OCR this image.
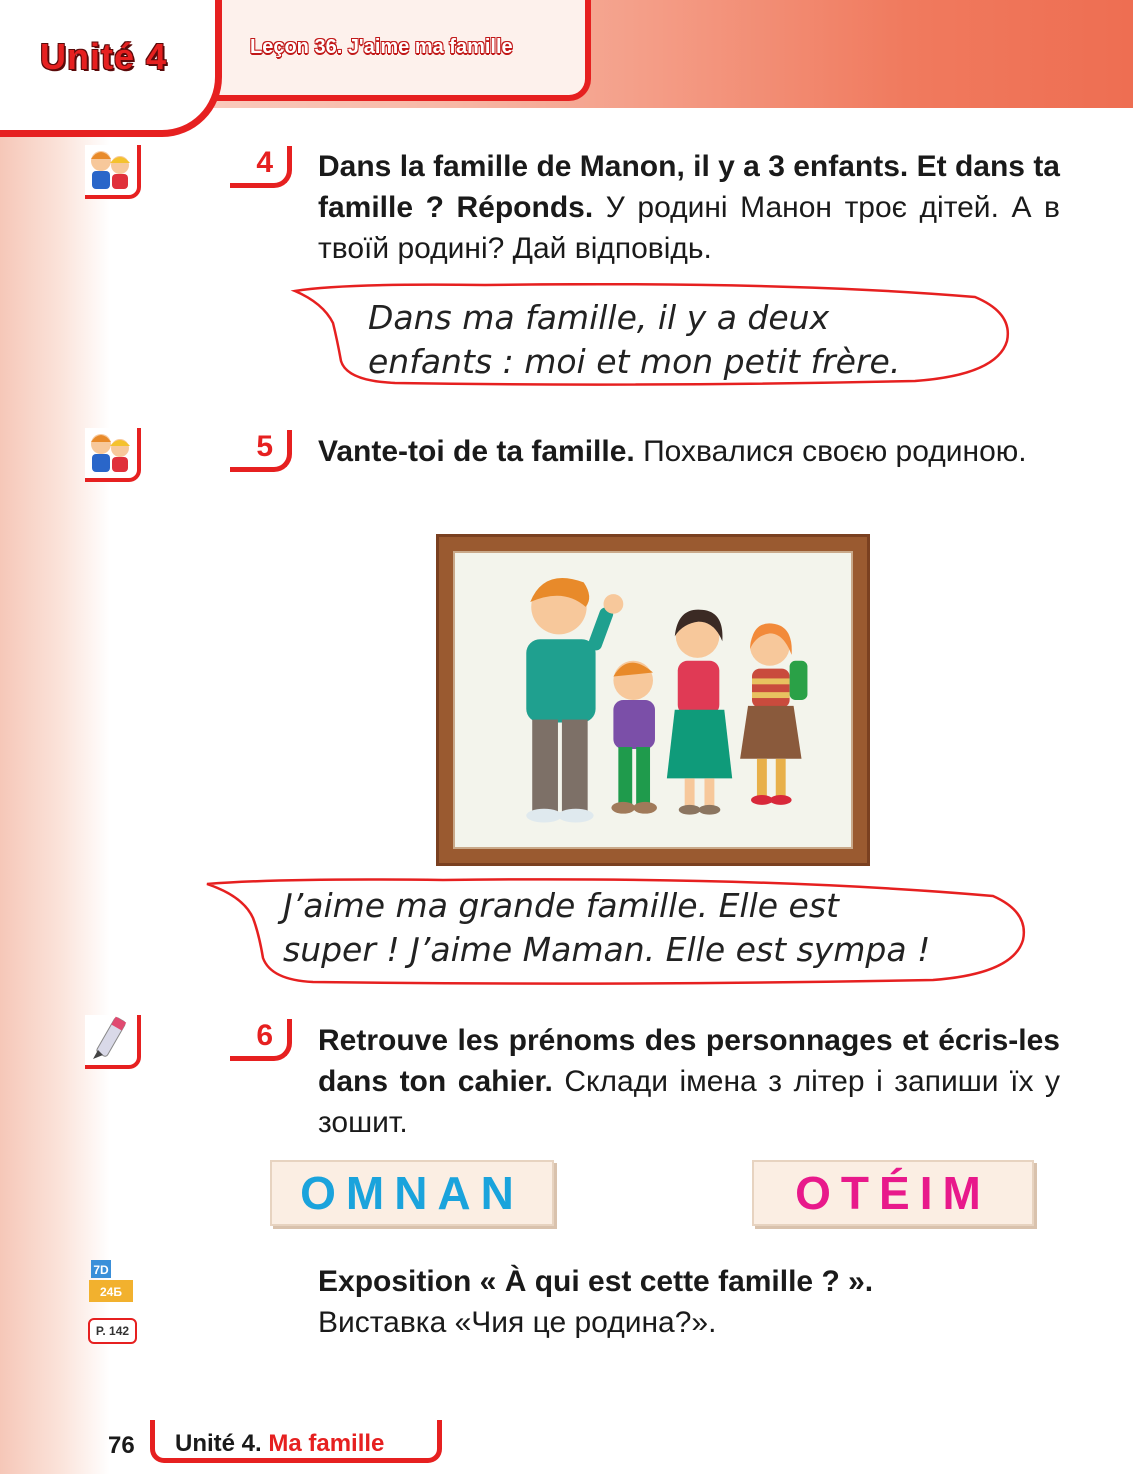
Unité 4	Leçon 36. J'aime ma famille
4	Dans la famille de Manon, il y a 3 enfants. Et dans ta famille ? Réponds. У родині Манон троє дітей. А в твоїй родині? Дай відповідь.
Dans ma famille, il y a deux
enfants : moi et mon petit frère.
5	Vante-toi de ta famille. Похвалися своєю родиною.
J’aime ma grande famille. Elle est
super ! J’aime Maman. Elle est sympa !
6	Retrouve les prénoms des personnages et écris-les dans ton cahier. Склади імена з літер і запиши їх у зошит.
OMNAN	OTÉIM
7D
24Б
P. 142
Exposition « À qui est cette famille ? ».
Виставка «Чия це родина?».
76 Unité 4. Ma famille
